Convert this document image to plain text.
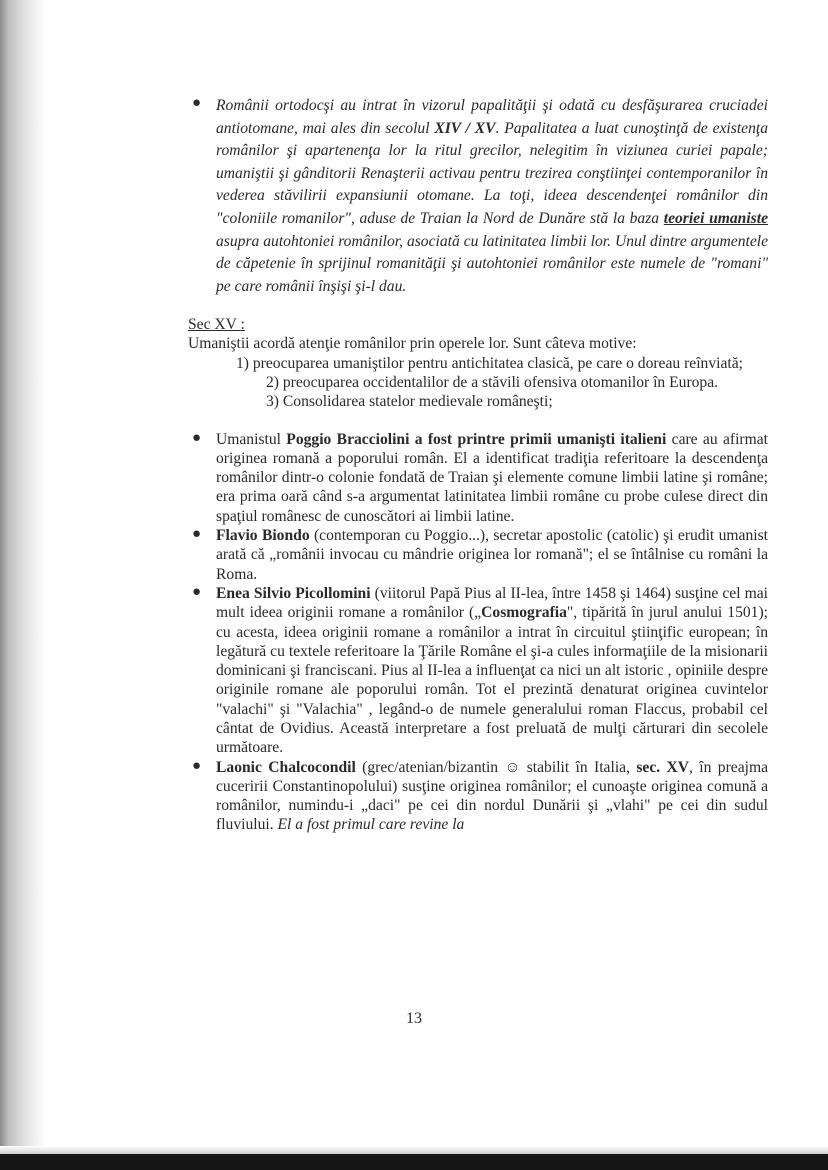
● Românii ortodocşi au intrat în vizorul papalităţii şi odată cu desfăşurarea cruciadei antiotomane, mai ales din secolul XIV / XV. Papalitatea a luat cunoştinţă de existenţa românilor şi apartenenţa lor la ritul grecilor, nelegitim în viziunea curiei papale; umaniştii şi gânditorii Renaşterii activau pentru trezirea conştiinţei contemporanilor în vederea stăvilirii expansiunii otomane. La toţi, ideea descendenţei românilor din "coloniile romanilor", aduse de Traian la Nord de Dunăre stă la baza teoriei umaniste asupra autohtoniei românilor, asociată cu latinitatea limbii lor. Unul dintre argumentele de căpetenie în sprijinul romanităţii şi autohtoniei românilor este numele de "romani" pe care românii înşişi şi-l dau.
Sec XV :
Umaniştii acordă atenţie românilor prin operele lor. Sunt câteva motive:
1) preocuparea umaniştilor pentru antichitatea clasică, pe care o doreau reînviată;
2) preocuparea occidentalilor de a stăvili ofensiva otomanilor în Europa.
3) Consolidarea statelor medievale româneşti;
● Umanistul Poggio Bracciolini a fost printre primii umanişti italieni care au afirmat originea romană a poporului român. El a identificat tradiţia referitoare la descendenţa românilor dintr-o colonie fondată de Traian şi elemente comune limbii latine şi române; era prima oară când s-a argumentat latinitatea limbii române cu probe culese direct din spaţiul românesc de cunoscători ai limbii latine.
● Flavio Biondo (contemporan cu Poggio...), secretar apostolic (catolic) şi erudit umanist arată că „românii invocau cu mândrie originea lor romană"; el se întâlnise cu români la Roma.
● Enea Silvio Picollomini (viitorul Papă Pius al II-lea, între 1458 şi 1464) susţine cel mai mult ideea originii romane a românilor („Cosmografia", tipărită în jurul anului 1501); cu acesta, ideea originii romane a românilor a intrat în circuitul ştiinţific european; în legătură cu textele referitoare la Ţările Române el şi-a cules informaţiile de la misionarii dominicani şi franciscani. Pius al II-lea a influenţat ca nici un alt istoric , opiniile despre originile romane ale poporului român. Tot el prezintă denaturat originea cuvintelor "valachi" şi "Valachia" , legând-o de numele generalului roman Flaccus, probabil cel cântat de Ovidius. Această interpretare a fost preluată de mulţi cărturari din secolele următoare.
● Laonic Chalcocondil (grec/atenian/bizantin ☺ stabilit în Italia, sec. XV, în preajma cuceririi Constantinopolului) susţine originea românilor; el cunoaşte originea comună a românilor, numindu-i „daci" pe cei din nordul Dunării şi „vlahi" pe cei din sudul fluviului. El a fost primul care revine la
13
